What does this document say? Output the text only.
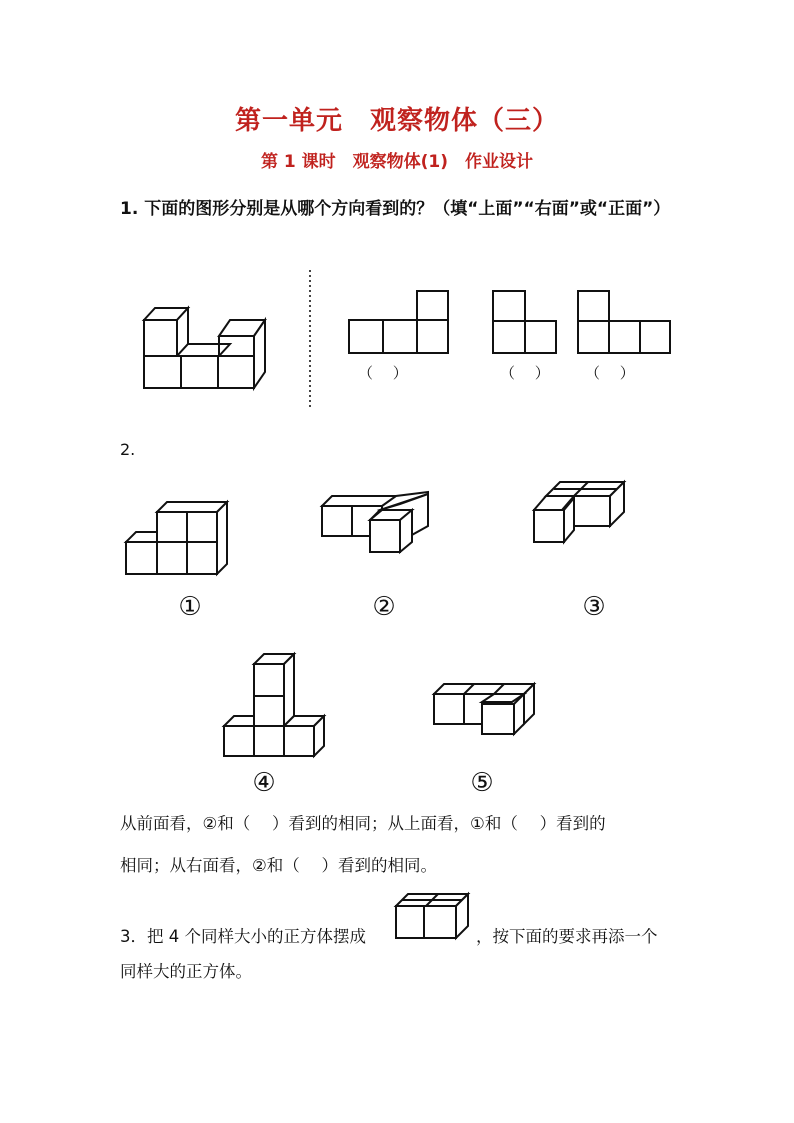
第一单元　观察物体（三）
第 1 课时　观察物体(1)　作业设计
1. 下面的图形分别是从哪个方向看到的？（填“上面”“右面”或“正面”）
（　 ）	（　 ） （　 ）
2.
①	②	③
④	⑤
从前面看，②和（　 ）看到的相同；从上面看，①和（　 ）看到的
相同；从右面看，②和（　 ）看到的相同。
3．把 4 个同样大小的正方体摆成	，按下面的要求再添一个
同样大的正方体。
